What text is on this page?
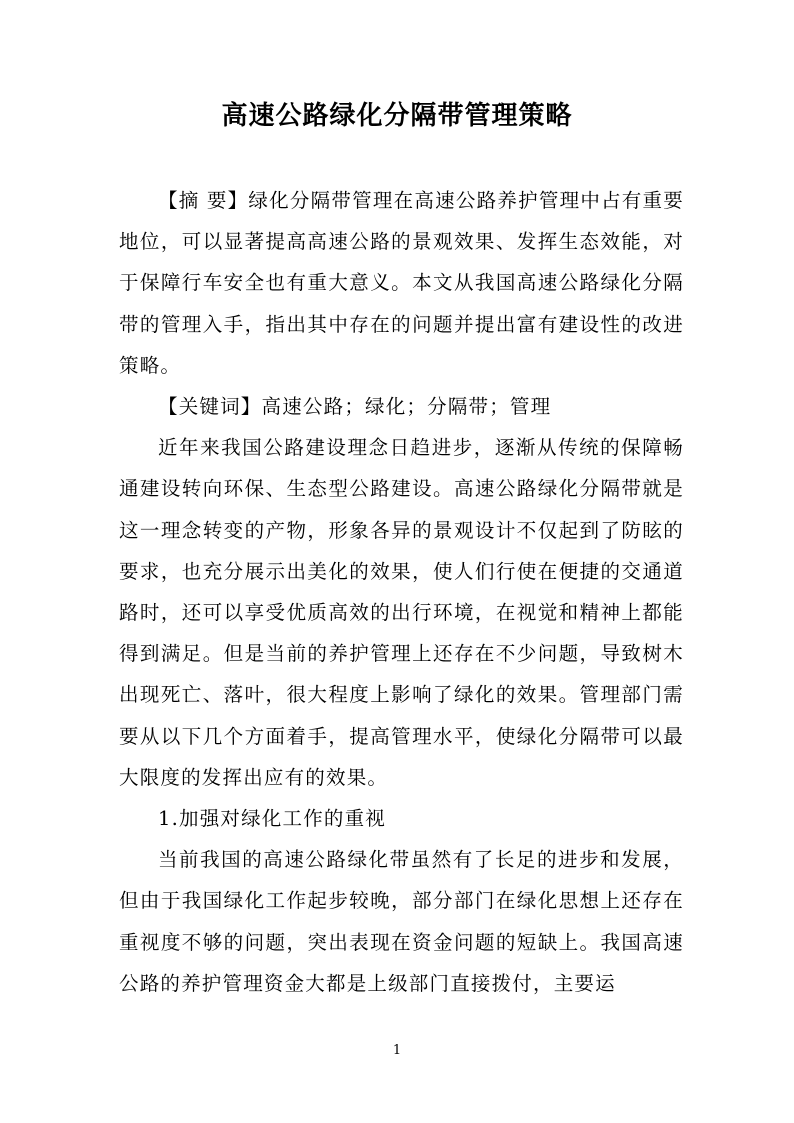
高速公路绿化分隔带管理策略

【摘 要】绿化分隔带管理在高速公路养护管理中占有重要地位，可以显著提高高速公路的景观效果、发挥生态效能，对于保障行车安全也有重大意义。本文从我国高速公路绿化分隔带的管理入手，指出其中存在的问题并提出富有建设性的改进策略。

【关键词】高速公路；绿化；分隔带；管理

近年来我国公路建设理念日趋进步，逐渐从传统的保障畅通建设转向环保、生态型公路建设。高速公路绿化分隔带就是这一理念转变的产物，形象各异的景观设计不仅起到了防眩的要求，也充分展示出美化的效果，使人们行使在便捷的交通道路时，还可以享受优质高效的出行环境，在视觉和精神上都能得到满足。但是当前的养护管理上还存在不少问题，导致树木出现死亡、落叶，很大程度上影响了绿化的效果。管理部门需要从以下几个方面着手，提高管理水平，使绿化分隔带可以最大限度的发挥出应有的效果。

1.加强对绿化工作的重视

当前我国的高速公路绿化带虽然有了长足的进步和发展，但由于我国绿化工作起步较晚，部分部门在绿化思想上还存在重视度不够的问题，突出表现在资金问题的短缺上。我国高速公路的养护管理资金大都是上级部门直接拨付，主要运

1
